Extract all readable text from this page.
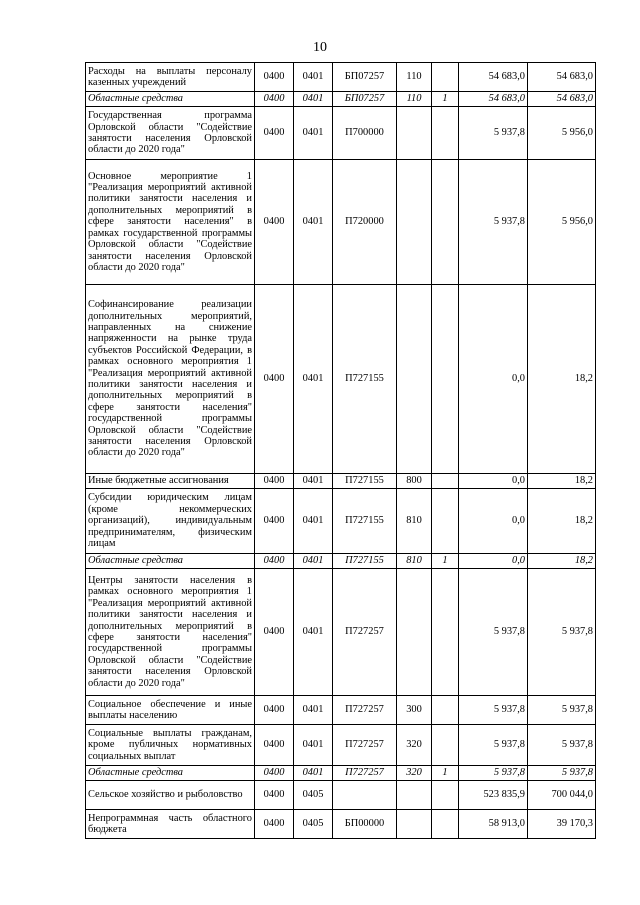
10
Расходы на выплаты персоналу казенных учреждений	0400	0401	БП07257	110		54 683,0	54 683,0
Областные средства	0400	0401	БП07257	110	1	54 683,0	54 683,0
Государственная программа Орловской области "Содействие занятости населения Орловской области до 2020 года"	0400	0401	П700000			5 937,8	5 956,0
Основное мероприятие 1 "Реализация мероприятий активной политики занятости населения и дополнительных мероприятий в сфере занятости населения" в рамках государственной программы Орловской области "Содействие занятости населения Орловской области до 2020 года"	0400	0401	П720000			5 937,8	5 956,0
Софинансирование реализации дополнительных мероприятий, направленных на снижение напряженности на рынке труда субъектов Российской Федерации, в рамках основного мероприятия 1 "Реализация мероприятий активной политики занятости населения и дополнительных мероприятий в сфере занятости населения" государственной программы Орловской области "Содействие занятости населения Орловской области до 2020 года"	0400	0401	П727155			0,0	18,2
Иные бюджетные ассигнования	0400	0401	П727155	800		0,0	18,2
Субсидии юридическим лицам (кроме некоммерческих организаций), индивидуальным предпринимателям, физическим лицам	0400	0401	П727155	810		0,0	18,2
Областные средства	0400	0401	П727155	810	1	0,0	18,2
Центры занятости населения в рамках основного мероприятия 1 "Реализация мероприятий активной политики занятости населения и дополнительных мероприятий в сфере занятости населения" государственной программы Орловской области "Содействие занятости населения Орловской области до 2020 года"	0400	0401	П727257			5 937,8	5 937,8
Социальное обеспечение и иные выплаты населению	0400	0401	П727257	300		5 937,8	5 937,8
Социальные выплаты гражданам, кроме публичных нормативных социальных выплат	0400	0401	П727257	320		5 937,8	5 937,8
Областные средства	0400	0401	П727257	320	1	5 937,8	5 937,8
Сельское хозяйство и рыболовство	0400	0405				523 835,9	700 044,0
Непрограммная часть областного бюджета	0400	0405	БП00000			58 913,0	39 170,3
